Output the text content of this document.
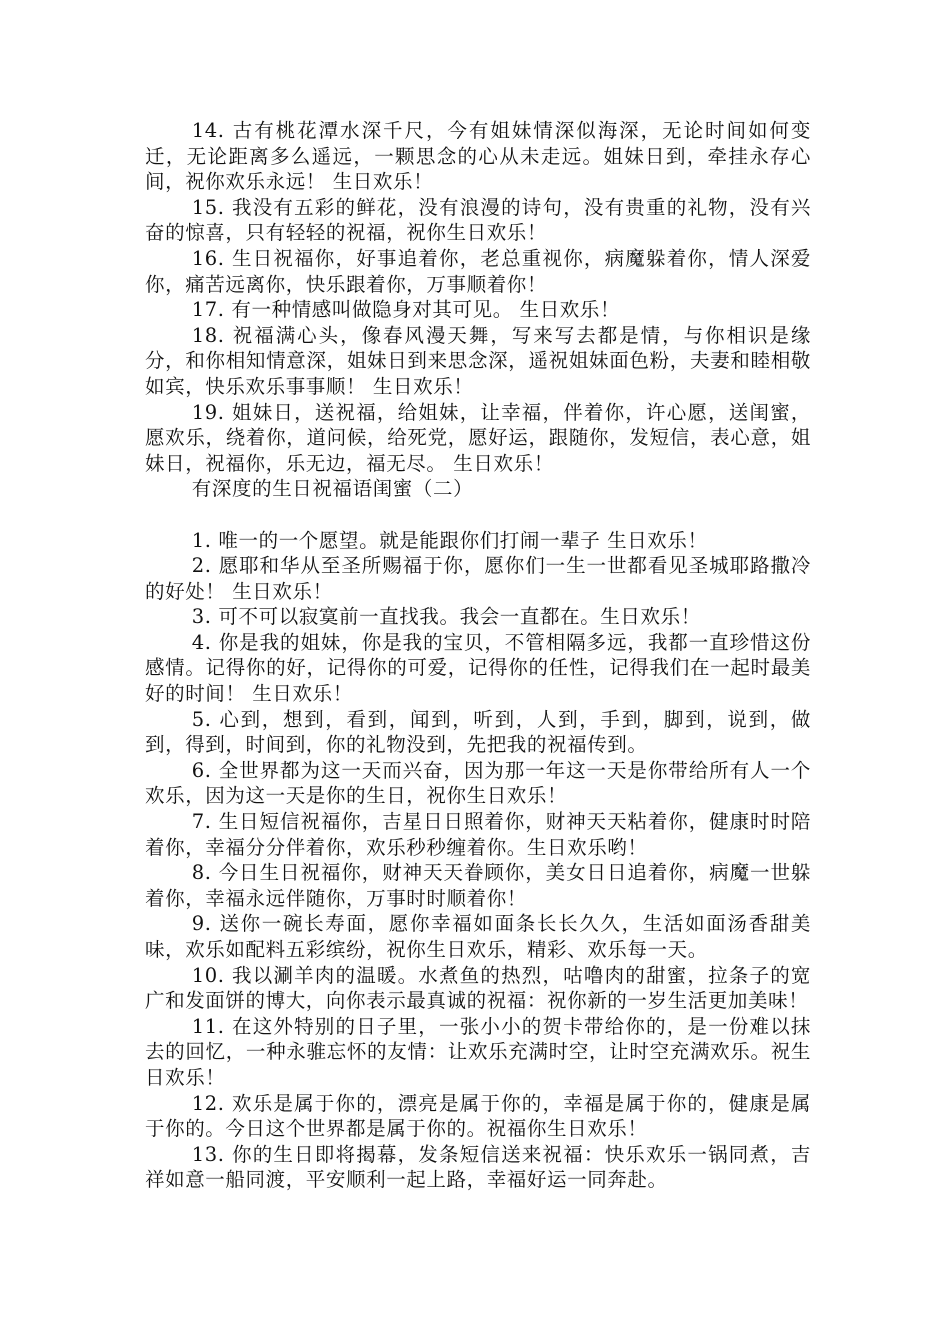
14. 古有桃花潭水深千尺，今有姐妹情深似海深，无论时间如何变迁，无论距离多么遥远，一颗思念的心从未走远。姐妹日到，牵挂永存心间，祝你欢乐永远！ 生日欢乐！

15. 我没有五彩的鲜花，没有浪漫的诗句，没有贵重的礼物，没有兴奋的惊喜，只有轻轻的祝福，祝你生日欢乐！

16. 生日祝福你，好事追着你，老总重视你，病魔躲着你，情人深爱你，痛苦远离你，快乐跟着你，万事顺着你！

17. 有一种情感叫做隐身对其可见。 生日欢乐！

18. 祝福满心头，像春风漫天舞，写来写去都是情，与你相识是缘分，和你相知情意深，姐妹日到来思念深，遥祝姐妹面色粉，夫妻和睦相敬如宾，快乐欢乐事事顺！ 生日欢乐！

19. 姐妹日，送祝福，给姐妹，让幸福，伴着你，许心愿，送闺蜜，愿欢乐，绕着你，道问候，给死党，愿好运，跟随你，发短信，表心意，姐妹日，祝福你，乐无边，福无尽。 生日欢乐！

有深度的生日祝福语闺蜜（二）

1. 唯一的一个愿望。就是能跟你们打闹一辈子 生日欢乐！

2. 愿耶和华从至圣所赐福于你，愿你们一生一世都看见圣城耶路撒冷的好处！ 生日欢乐！

3. 可不可以寂寞前一直找我。我会一直都在。生日欢乐！

4. 你是我的姐妹，你是我的宝贝，不管相隔多远，我都一直珍惜这份感情。记得你的好，记得你的可爱，记得你的任性，记得我们在一起时最美好的时间！ 生日欢乐！

5. 心到，想到，看到，闻到，听到，人到，手到，脚到，说到，做到，得到，时间到，你的礼物没到，先把我的祝福传到。

6. 全世界都为这一天而兴奋，因为那一年这一天是你带给所有人一个欢乐，因为这一天是你的生日，祝你生日欢乐！

7. 生日短信祝福你，吉星日日照着你，财神天天粘着你，健康时时陪着你，幸福分分伴着你，欢乐秒秒缠着你。生日欢乐哟！

8. 今日生日祝福你，财神天天眷顾你，美女日日追着你，病魔一世躲着你，幸福永远伴随你，万事时时顺着你！

9. 送你一碗长寿面，愿你幸福如面条长长久久，生活如面汤香甜美味，欢乐如配料五彩缤纷，祝你生日欢乐，精彩、欢乐每一天。

10. 我以涮羊肉的温暖。水煮鱼的热烈，咕噜肉的甜蜜，拉条子的宽广和发面饼的博大，向你表示最真诚的祝福：祝你新的一岁生活更加美味！

11. 在这外特别的日子里，一张小小的贺卡带给你的，是一份难以抹去的回忆，一种永骓忘怀的友情：让欢乐充满时空，让时空充满欢乐。祝生日欢乐！

12. 欢乐是属于你的，漂亮是属于你的，幸福是属于你的，健康是属于你的。今日这个世界都是属于你的。祝福你生日欢乐！

13. 你的生日即将揭幕，发条短信送来祝福：快乐欢乐一锅同煮，吉祥如意一船同渡，平安顺利一起上路，幸福好运一同奔赴。
